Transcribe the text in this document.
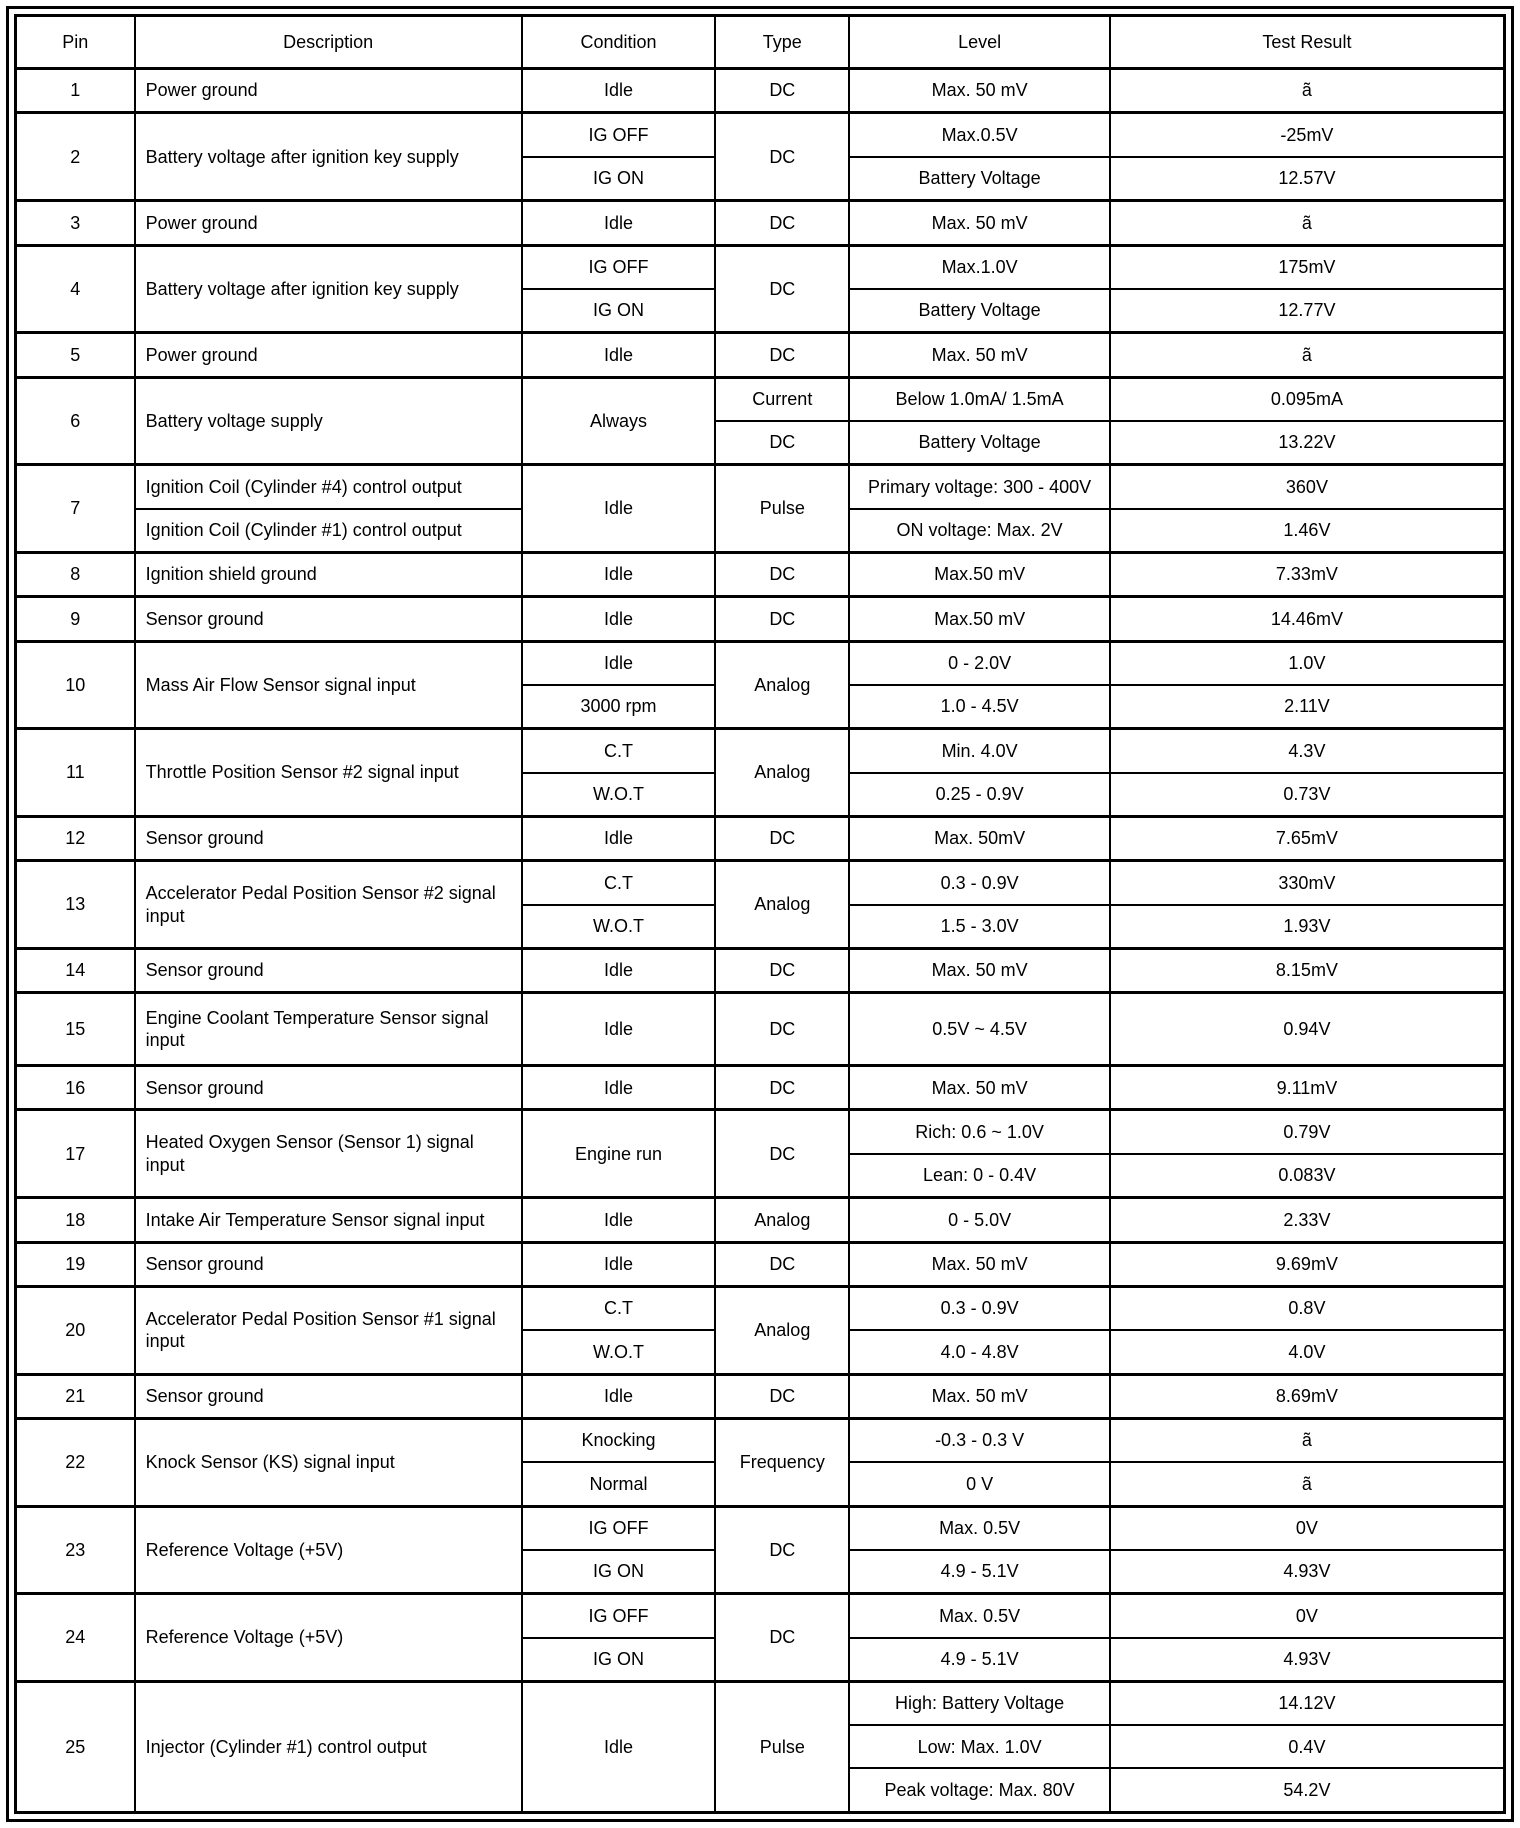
Pin	Description	Condition	Type	Level	Test Result
1	Power ground	Idle	DC	Max. 50 mV	ã
2	Battery voltage after ignition key supply	IG OFF	DC	Max.0.5V	-25mV
		IG ON		Battery Voltage	12.57V
3	Power ground	Idle	DC	Max. 50 mV	ã
4	Battery voltage after ignition key supply	IG OFF	DC	Max.1.0V	175mV
		IG ON		Battery Voltage	12.77V
5	Power ground	Idle	DC	Max. 50 mV	ã
6	Battery voltage supply	Always	Current	Below 1.0mA/ 1.5mA	0.095mA
			DC	Battery Voltage	13.22V
7	Ignition Coil (Cylinder #4) control output	Idle	Pulse	Primary voltage: 300 - 400V	360V
	Ignition Coil (Cylinder #1) control output			ON voltage: Max. 2V	1.46V
8	Ignition shield ground	Idle	DC	Max.50 mV	7.33mV
9	Sensor ground	Idle	DC	Max.50 mV	14.46mV
10	Mass Air Flow Sensor signal input	Idle	Analog	0 - 2.0V	1.0V
		3000 rpm		1.0 - 4.5V	2.11V
11	Throttle Position Sensor #2 signal input	C.T	Analog	Min. 4.0V	4.3V
		W.O.T		0.25 - 0.9V	0.73V
12	Sensor ground	Idle	DC	Max. 50mV	7.65mV
13	Accelerator Pedal Position Sensor #2 signal input	C.T	Analog	0.3 - 0.9V	330mV
		W.O.T		1.5 - 3.0V	1.93V
14	Sensor ground	Idle	DC	Max. 50 mV	8.15mV
15	Engine Coolant Temperature Sensor signal input	Idle	DC	0.5V ~ 4.5V	0.94V
16	Sensor ground	Idle	DC	Max. 50 mV	9.11mV
17	Heated Oxygen Sensor (Sensor 1) signal input	Engine run	DC	Rich: 0.6 ~ 1.0V	0.79V
				Lean: 0 - 0.4V	0.083V
18	Intake Air Temperature Sensor signal input	Idle	Analog	0 - 5.0V	2.33V
19	Sensor ground	Idle	DC	Max. 50 mV	9.69mV
20	Accelerator Pedal Position Sensor #1 signal input	C.T	Analog	0.3 - 0.9V	0.8V
		W.O.T		4.0 - 4.8V	4.0V
21	Sensor ground	Idle	DC	Max. 50 mV	8.69mV
22	Knock Sensor (KS) signal input	Knocking	Frequency	-0.3 - 0.3 V	ã
		Normal		0 V	ã
23	Reference Voltage (+5V)	IG OFF	DC	Max. 0.5V	0V
		IG ON		4.9 - 5.1V	4.93V
24	Reference Voltage (+5V)	IG OFF	DC	Max. 0.5V	0V
		IG ON		4.9 - 5.1V	4.93V
25	Injector (Cylinder #1) control output	Idle	Pulse	High: Battery Voltage	14.12V
				Low: Max. 1.0V	0.4V
				Peak voltage: Max. 80V	54.2V
